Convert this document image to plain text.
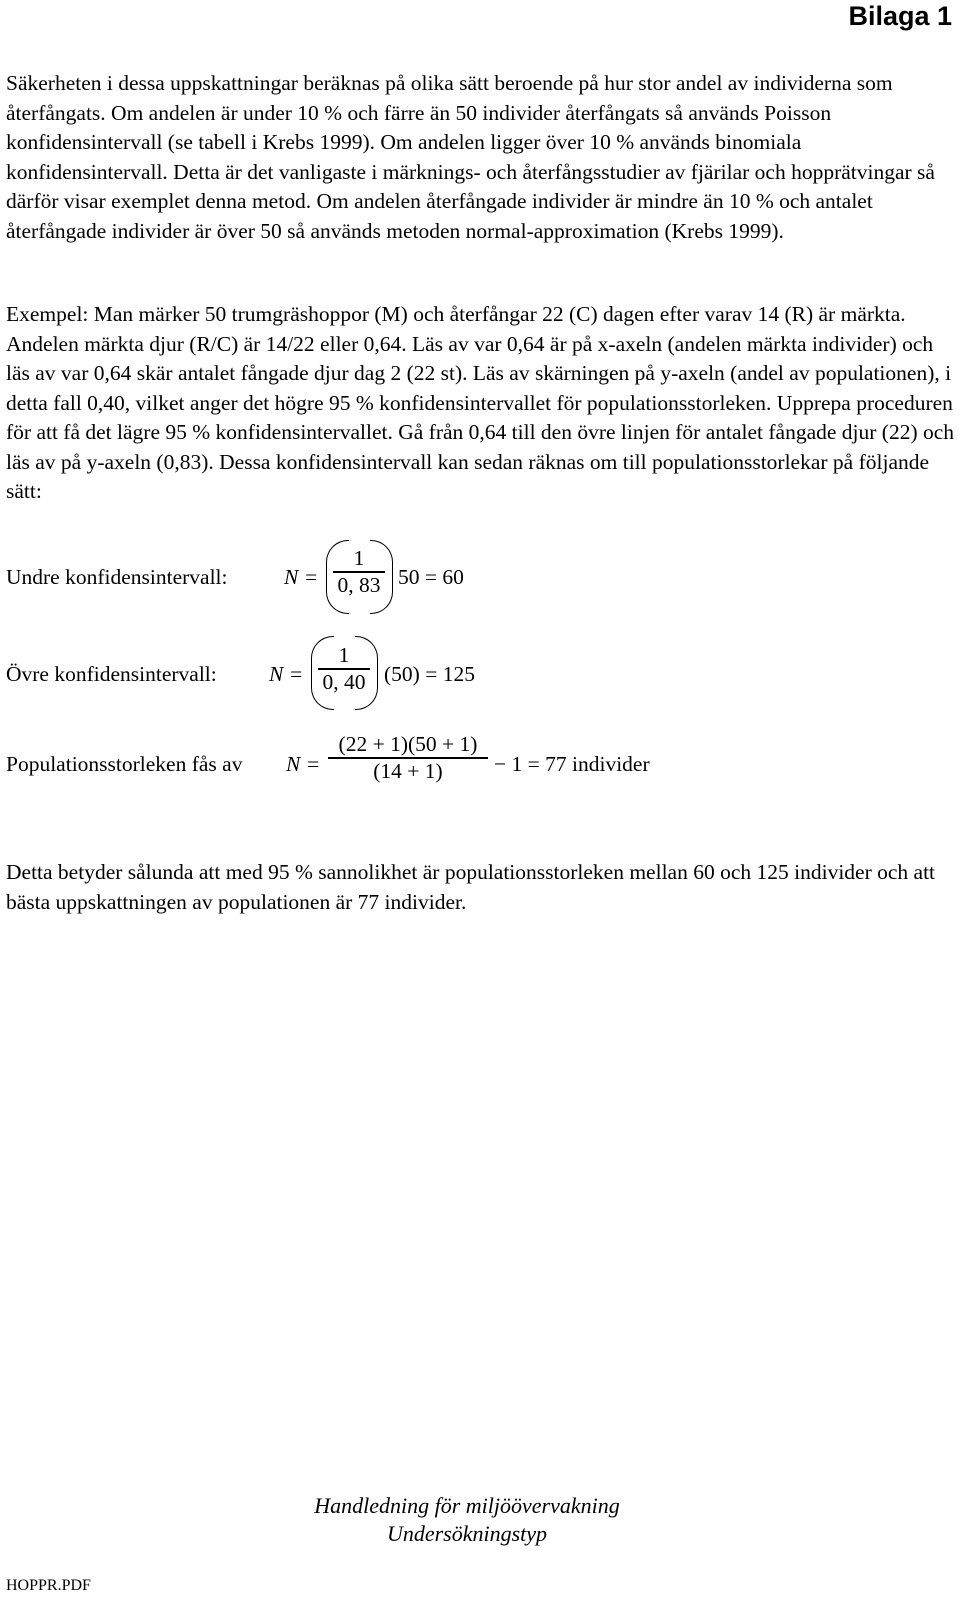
Bilaga 1

Säkerheten i dessa uppskattningar beräknas på olika sätt beroende på hur stor andel av individerna som återfångats. Om andelen är under 10 % och färre än 50 individer återfångats så används Poisson konfidensintervall (se tabell i Krebs 1999). Om andelen ligger över 10 % används binomiala konfidensintervall. Detta är det vanligaste i märknings- och återfångsstudier av fjärilar och hopprätvingar så därför visar exemplet denna metod. Om andelen återfångade individer är mindre än 10 % och antalet återfångade individer är över 50 så används metoden normal-approximation (Krebs 1999).

Exempel: Man märker 50 trumgräshoppor (M) och återfångar 22 (C) dagen efter varav 14 (R) är märkta. Andelen märkta djur (R/C) är 14/22 eller 0,64. Läs av var 0,64 är på x-axeln (andelen märkta individer) och läs av var 0,64 skär antalet fångade djur dag 2 (22 st). Läs av skärningen på y-axeln (andel av populationen), i detta fall 0,40, vilket anger det högre 95 % konfidensintervallet för populationsstorleken. Upprepa proceduren för att få det lägre 95 % konfidensintervallet. Gå från 0,64 till den övre linjen för antalet fångade djur (22) och läs av på y-axeln (0,83). Dessa konfidensintervall kan sedan räknas om till populationsstorlekar på följande sätt:

Undre konfidensintervall:	N =
1
0, 83 50 = 60
Övre konfidensintervall: N =
1
0, 40 (50) = 125
Populationsstorleken fås av N =
(22 + 1)(50 + 1)
(14 + 1)	− 1 = 77 individer

Detta betyder sålunda att med 95 % sannolikhet är populationsstorleken mellan 60 och 125 individer och att bästa uppskattningen av populationen är 77 individer.

Handledning för miljöövervakning
Undersökningstyp
HOPPR.PDF
